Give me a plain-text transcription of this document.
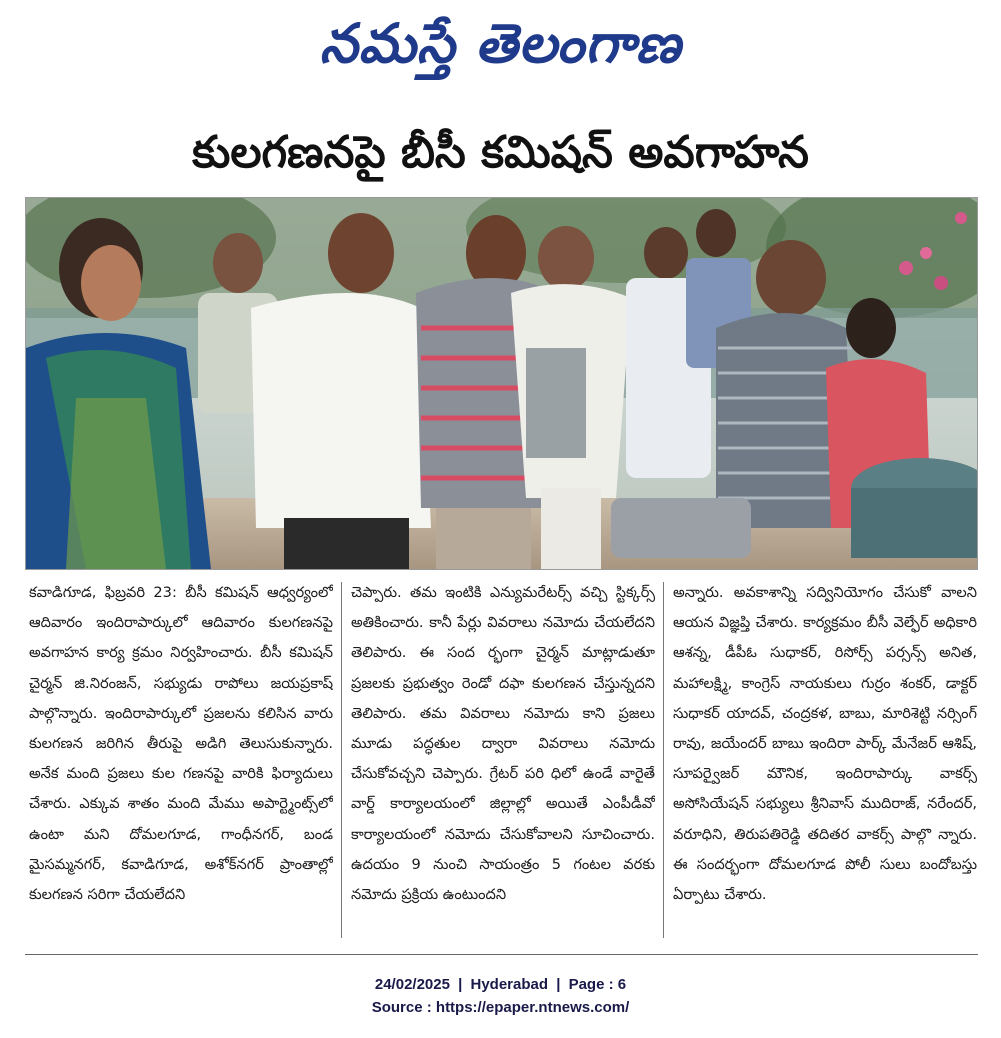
నమస్తే తెలంగాణ
కులగణనపై బీసీ కమిషన్ అవగాహన
కవాడిగూడ, ఫిబ్రవరి 23: బీసీ కమిషన్ ఆధ్వర్యంలో ఆదివారం ఇందిరాపార్కులో ఆదివారం కులగణనపై అవగాహన కార్య క్రమం నిర్వహించారు. బీసీ కమిషన్ చైర్మన్ జి.నిరంజన్, సభ్యుడు రాపోలు జయప్రకాష్ పాల్గొన్నారు. ఇందిరాపార్కులో ప్రజలను కలిసిన వారు కులగణన జరిగిన తీరుపై అడిగి తెలుసుకున్నారు. అనేక మంది ప్రజలు కుల గణనపై వారికి ఫిర్యాదులు చేశారు. ఎక్కువ శాతం మంది మేము అపార్ట్మెంట్స్‌లో ఉంటా మని దోమలగూడ, గాంధీనగర్, బండ మైసమ్మనగర్, కవాడిగూడ, అశోక్‌నగర్ ప్రాంతాల్లో కులగణన సరిగా చేయలేదని
చెప్పారు. తమ ఇంటికి ఎన్యుమరేటర్స్ వచ్చి స్టిక్కర్స్ అతికించారు. కానీ పేర్లు వివరాలు నమోదు చేయలేదని తెలిపారు. ఈ సంద ర్భంగా చైర్మన్ మాట్లాడుతూ ప్రజలకు ప్రభుత్వం రెండో దఫా కులగణన చేస్తున్నదని తెలిపారు. తమ వివరాలు నమోదు కాని ప్రజలు మూడు పద్ధతుల ద్వారా వివరాలు నమోదు చేసుకోవచ్చని చెప్పారు. గ్రేటర్ పరి ధిలో ఉండే వారైతే వార్డ్ కార్యాలయంలో జిల్లాల్లో అయితే ఎంపీడీవో కార్యాలయంలో నమోదు చేసుకోవాలని సూచించారు. ఉదయం 9 నుంచి సాయంత్రం 5 గంటల వరకు నమోదు ప్రక్రియ ఉంటుందని
అన్నారు. అవకాశాన్ని సద్వినియోగం చేసుకో వాలని ఆయన విజ్ఞప్తి చేశారు. కార్యక్రమం బీసీ వెల్ఫేర్ అధికారి ఆశన్న, డీపీఓ సుధాకర్, రిసోర్స్ పర్సన్స్ అనిత, మహాలక్ష్మి, కాంగ్రెస్ నాయకులు గుర్రం శంకర్, డాక్టర్ సుధాకర్ యాదవ్, చంద్రకళ, బాబు, మారిశెట్టి నర్సింగ్ రావు, జయేందర్ బాబు ఇందిరా పార్క్ మేనేజర్ ఆశిష్, సూపర్వైజర్ మౌనిక, ఇందిరాపార్కు వాకర్స్ అసోసియేషన్ సభ్యులు శ్రీనివాస్ ముదిరాజ్, నరేందర్, వరూధిని, తిరుపతిరెడ్డి తదితర వాకర్స్ పాల్గొ న్నారు. ఈ సందర్భంగా దోమలగూడ పోలీ సులు బందోబస్తు ఏర్పాటు చేశారు.
24/02/2025 | Hyderabad | Page : 6
Source : https://epaper.ntnews.com/
